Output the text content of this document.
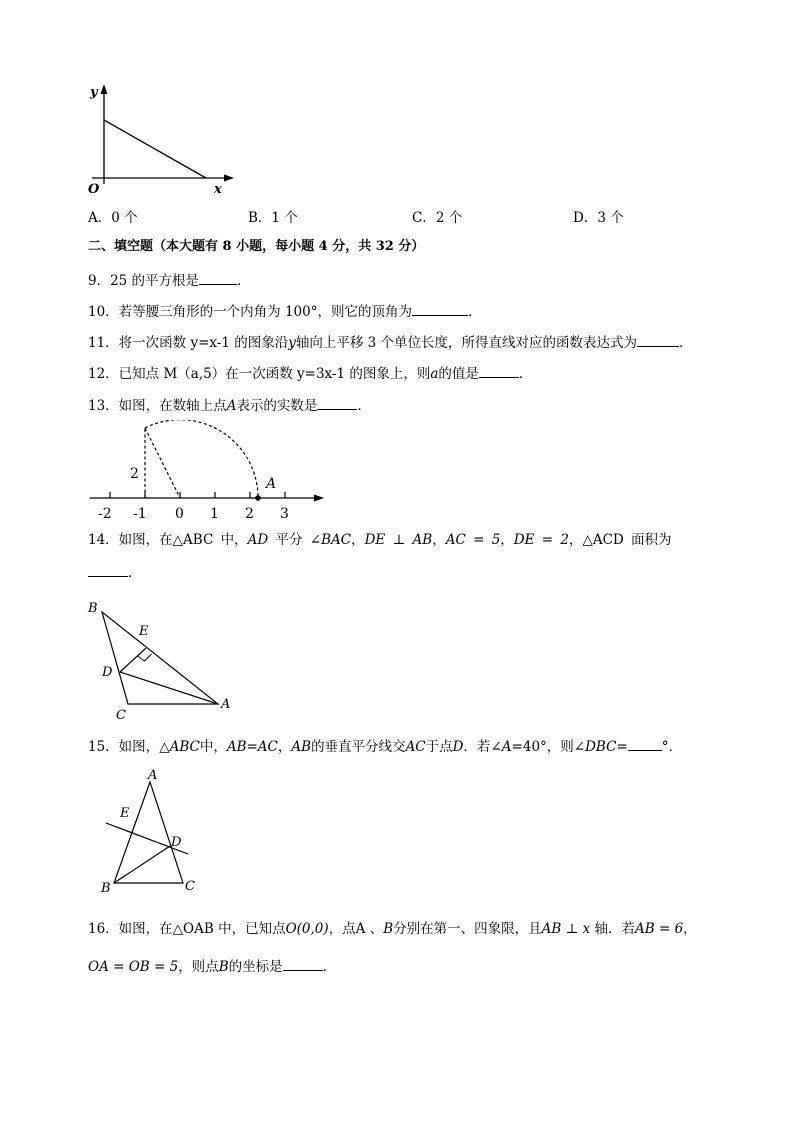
y
x
O
A．0 个	B．1 个	C．2 个	D．3 个
二、填空题（本大题有 8 小题，每小题 4 分，共 32 分）
9．25 的平方根是	．
10．若等腰三角形的一个内角为 100°，则它的顶角为	．
11．将一次函数 y=x-1 的图象沿y轴向上平移 3 个单位长度，所得直线对应的函数表达式为	．
12．已知点 M（a,5）在一次函数 y=3x-1 的图象上，则a的值是	．
13．如图，在数轴上点A表示的实数是	．
2
A
-2 -1 0 1 2 3
14．如图，在△ABC 中，AD 平分 ∠BAC，DE ⊥ AB，AC = 5，DE = 2，△ACD 面积为
．
B
E
D
C
A
15．如图，△ABC中，AB=AC，AB的垂直平分线交AC于点D．若∠A=40°，则∠DBC=	°．
A
E
D
B	C
16．如图，在△OAB 中，已知点O(0,0)，点A 、B分别在第一、四象限，且AB ⊥ x 轴．若AB = 6，
OA = OB = 5，则点B的坐标是	．
